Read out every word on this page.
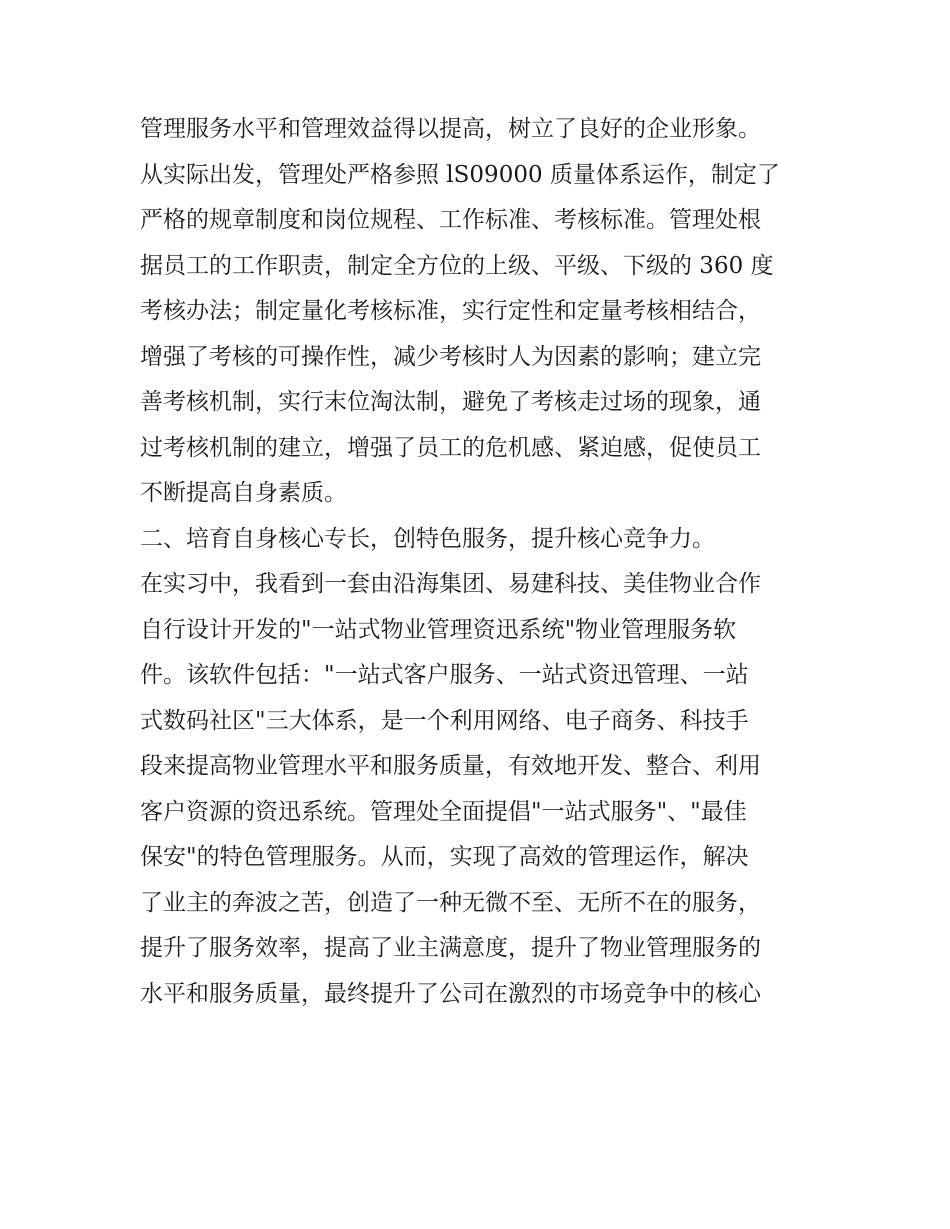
管理服务水平和管理效益得以提高，树立了良好的企业形象。
从实际出发，管理处严格参照 lS09000 质量体系运作，制定了
严格的规章制度和岗位规程、工作标准、考核标准。管理处根
据员工的工作职责，制定全方位的上级、平级、下级的 360 度
考核办法；制定量化考核标准，实行定性和定量考核相结合，
增强了考核的可操作性，减少考核时人为因素的影响；建立完
善考核机制，实行末位淘汰制，避免了考核走过场的现象，通
过考核机制的建立，增强了员工的危机感、紧迫感，促使员工
不断提高自身素质。
二、培育自身核心专长，创特色服务，提升核心竞争力。
在实习中，我看到一套由沿海集团、易建科技、美佳物业合作
自行设计开发的"一站式物业管理资迅系统"物业管理服务软
件。该软件包括："一站式客户服务、一站式资迅管理、一站
式数码社区"三大体系，是一个利用网络、电子商务、科技手
段来提高物业管理水平和服务质量，有效地开发、整合、利用
客户资源的资迅系统。管理处全面提倡"一站式服务"、"最佳
保安"的特色管理服务。从而，实现了高效的管理运作，解决
了业主的奔波之苦，创造了一种无微不至、无所不在的服务，
提升了服务效率，提高了业主满意度，提升了物业管理服务的
水平和服务质量，最终提升了公司在激烈的市场竞争中的核心
